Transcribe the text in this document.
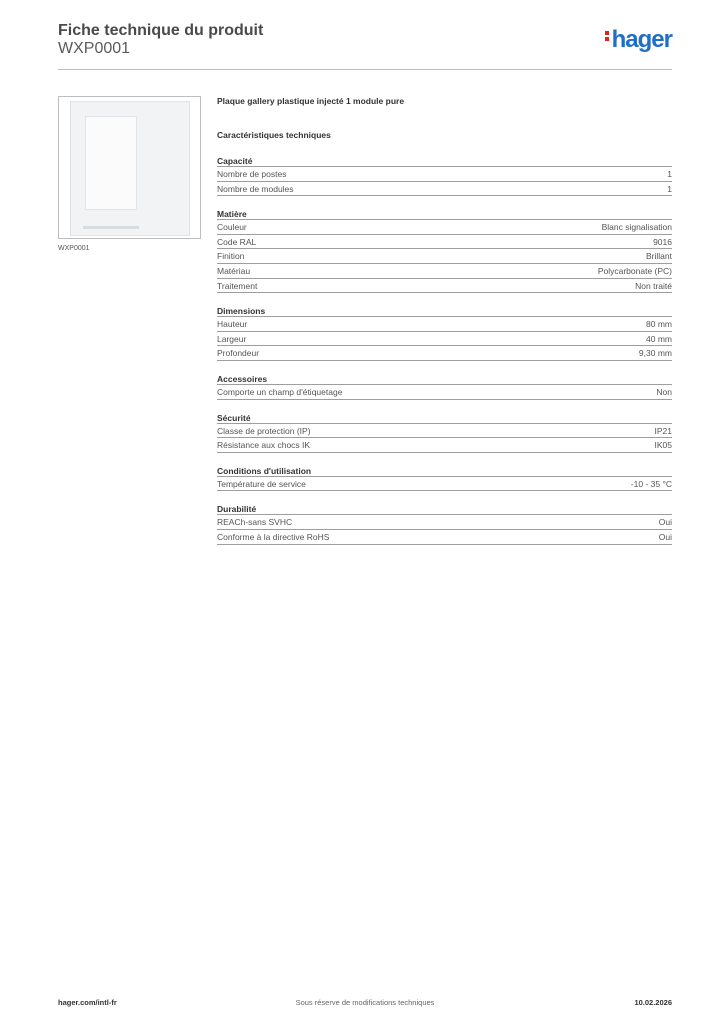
Fiche technique du produit
WXP0001	hager
WXP0001
Plaque gallery plastique injecté 1 module pure
Caractéristiques techniques
Capacité
Nombre de postes	1
Nombre de modules	1
Matière
Couleur	Blanc signalisation
Code RAL	9016
Finition	Brillant
Matériau	Polycarbonate (PC)
Traitement	Non traité
Dimensions
Hauteur	80 mm
Largeur	40 mm
Profondeur	9,30 mm
Accessoires
Comporte un champ d'étiquetage	Non
Sécurité
Classe de protection (IP)	IP21
Résistance aux chocs IK	IK05
Conditions d'utilisation
Température de service	-10 - 35 °C
Durabilité
REACh-sans SVHC	Oui
Conforme à la directive RoHS	Oui
hager.com/intl-fr	Sous réserve de modifications techniques	10.02.2026
